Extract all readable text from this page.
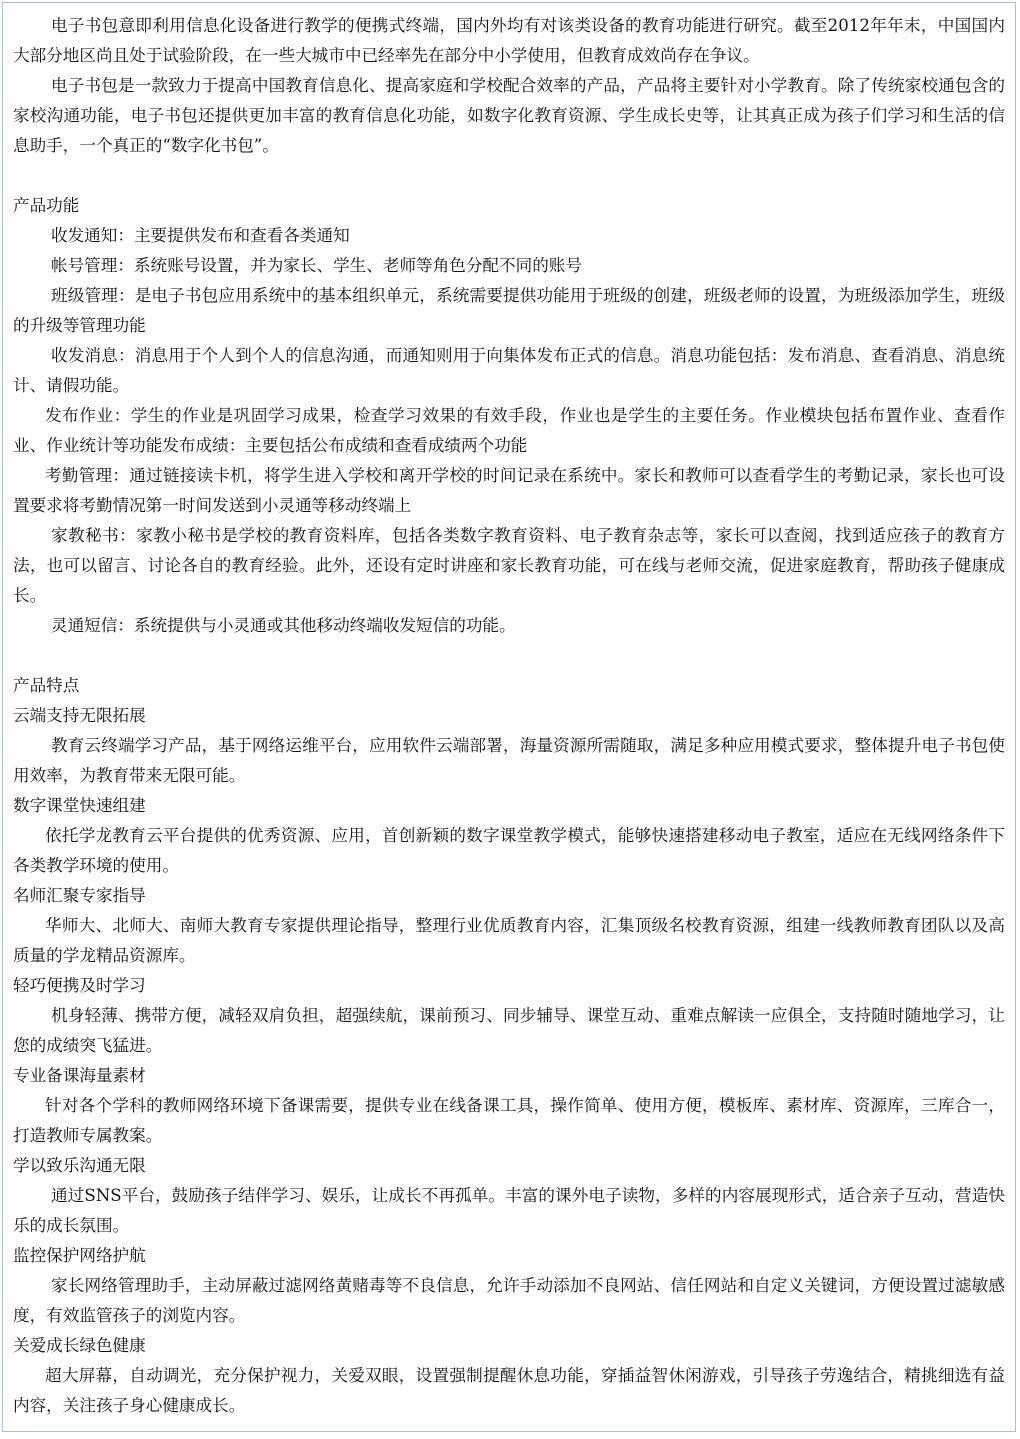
电子书包意即利用信息化设备进行教学的便携式终端，国内外均有对该类设备的教育功能进行研究。截至2012年年末，中国国内大部分地区尚且处于试验阶段，在一些大城市中已经率先在部分中小学使用，但教育成效尚存在争议。

电子书包是一款致力于提高中国教育信息化、提高家庭和学校配合效率的产品，产品将主要针对小学教育。除了传统家校通包含的家校沟通功能，电子书包还提供更加丰富的教育信息化功能，如数字化教育资源、学生成长史等，让其真正成为孩子们学习和生活的信息助手，一个真正的“数字化书包”。

产品功能

收发通知：主要提供发布和查看各类通知

帐号管理：系统账号设置，并为家长、学生、老师等角色分配不同的账号

班级管理：是电子书包应用系统中的基本组织单元，系统需要提供功能用于班级的创建，班级老师的设置，为班级添加学生，班级的升级等管理功能

收发消息：消息用于个人到个人的信息沟通，而通知则用于向集体发布正式的信息。消息功能包括：发布消息、查看消息、消息统计、请假功能。

发布作业：学生的作业是巩固学习成果，检查学习效果的有效手段，作业也是学生的主要任务。作业模块包括布置作业、查看作业、作业统计等功能发布成绩：主要包括公布成绩和查看成绩两个功能

考勤管理：通过链接读卡机，将学生进入学校和离开学校的时间记录在系统中。家长和教师可以查看学生的考勤记录，家长也可设置要求将考勤情况第一时间发送到小灵通等移动终端上

家教秘书：家教小秘书是学校的教育资料库，包括各类数字教育资料、电子教育杂志等，家长可以查阅，找到适应孩子的教育方法，也可以留言、讨论各自的教育经验。此外，还设有定时讲座和家长教育功能，可在线与老师交流，促进家庭教育，帮助孩子健康成长。

灵通短信：系统提供与小灵通或其他移动终端收发短信的功能。

产品特点

云端支持无限拓展

教育云终端学习产品，基于网络运维平台，应用软件云端部署，海量资源所需随取，满足多种应用模式要求，整体提升电子书包使用效率，为教育带来无限可能。

数字课堂快速组建

依托学龙教育云平台提供的优秀资源、应用，首创新颖的数字课堂教学模式，能够快速搭建移动电子教室，适应在无线网络条件下各类教学环境的使用。

名师汇聚专家指导

华师大、北师大、南师大教育专家提供理论指导，整理行业优质教育内容，汇集顶级名校教育资源，组建一线教师教育团队以及高质量的学龙精品资源库。

轻巧便携及时学习

机身轻薄、携带方便，减轻双肩负担，超强续航，课前预习、同步辅导、课堂互动、重难点解读一应俱全，支持随时随地学习，让您的成绩突飞猛进。

专业备课海量素材

针对各个学科的教师网络环境下备课需要，提供专业在线备课工具，操作简单、使用方便，模板库、素材库、资源库，三库合一，打造教师专属教案。

学以致乐沟通无限

通过SNS平台，鼓励孩子结伴学习、娱乐，让成长不再孤单。丰富的课外电子读物，多样的内容展现形式，适合亲子互动，营造快乐的成长氛围。

监控保护网络护航

家长网络管理助手，主动屏蔽过滤网络黄赌毒等不良信息，允许手动添加不良网站、信任网站和自定义关键词，方便设置过滤敏感度，有效监管孩子的浏览内容。

关爱成长绿色健康

超大屏幕，自动调光，充分保护视力，关爱双眼，设置强制提醒休息功能，穿插益智休闲游戏，引导孩子劳逸结合，精挑细选有益内容，关注孩子身心健康成长。
